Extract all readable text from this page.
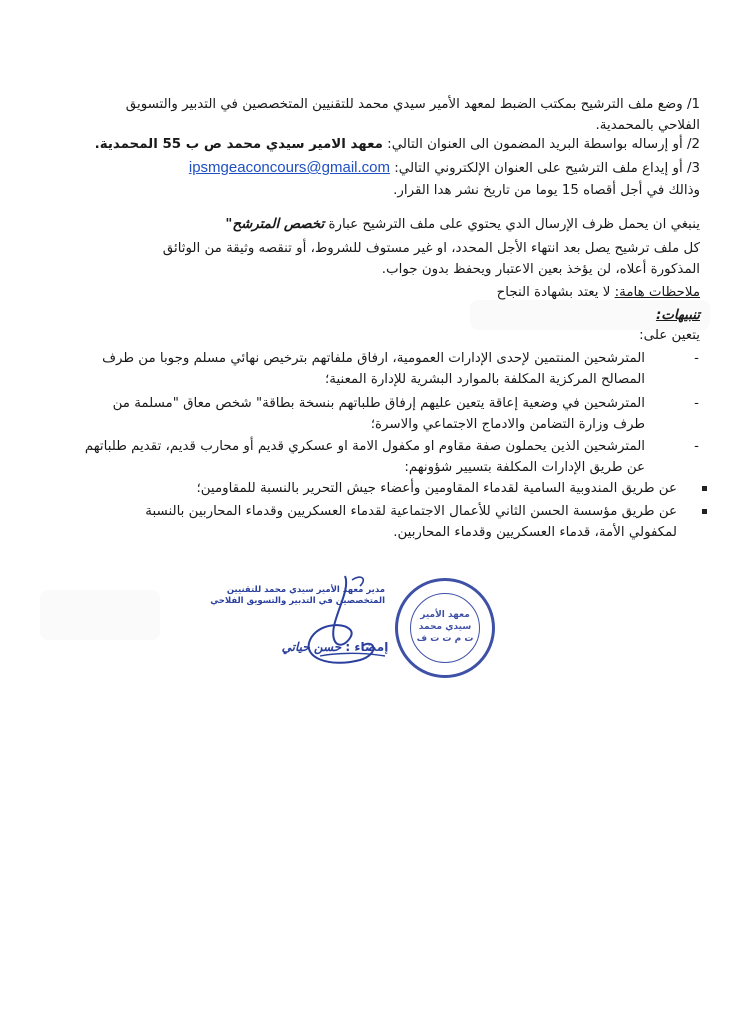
1/ وضع ملف الترشيح بمكتب الضبط لمعهد الأمير سيدي محمد للتقنيين المتخصصين في التدبير والتسويق
الفلاحي بالمحمدية.
2/ أو إرساله بواسطة البريد المضمون الى العنوان التالي: معهد الامير سيدي محمد ص ب 55 المحمدية.
3/ أو إيداع ملف الترشيح على العنوان الإلكتروني التالي: ipsmgeaconcours@gmail.com
وذالك في أجل أقصاه 15 يوما من تاريخ نشر هدا القرار.
ينبغي ان يحمل ظرف الإرسال الدي يحتوي على ملف الترشيح عبارة تخصص المترشح"
كل ملف ترشيح يصل بعد انتهاء الأجل المحدد، او غير مستوف للشروط، أو تنقصه وثيقة من الوثائق
المذكورة أعلاه، لن يؤخذ بعين الاعتبار ويحفظ بدون جواب.
ملاحظات هامة: لا يعتد بشهادة النجاح
تنبيهات:
يتعين على:
-
المترشحين المنتمين لإحدى الإدارات العمومية، ارفاق ملفاتهم بترخيص نهائي مسلم وجوبا من طرف
المصالح المركزية المكلفة بالموارد البشرية للإدارة المعنية؛
-
المترشحين في وضعية إعاقة يتعين عليهم إرفاق طلباتهم بنسخة بطاقة" شخص معاق "مسلمة من
طرف وزارة التضامن والادماج الاجتماعي والاسرة؛
-
المترشحين الذين يحملون صفة مقاوم او مكفول الامة او عسكري قديم أو محارب قديم، تقديم طلباتهم
عن طريق الإدارات المكلفة بتسيير شؤونهم:
عن طريق المندوبية السامية لقدماء المقاومين وأعضاء جيش التحرير بالنسبة للمقاومين؛
عن طريق مؤسسة الحسن الثاني للأعمال الاجتماعية لقدماء العسكريين وقدماء المحاربين بالنسبة
لمكفولي الأمة، قدماء العسكريين وقدماء المحاربين.
مدير معهد الأمير سيدي محمد للتقنيين
المتخصصين في التدبير والتسويق الفلاحي
إمضاء : حسن حياتي
معهد الأمير
سيدي محمد
ت م ت ت ف
